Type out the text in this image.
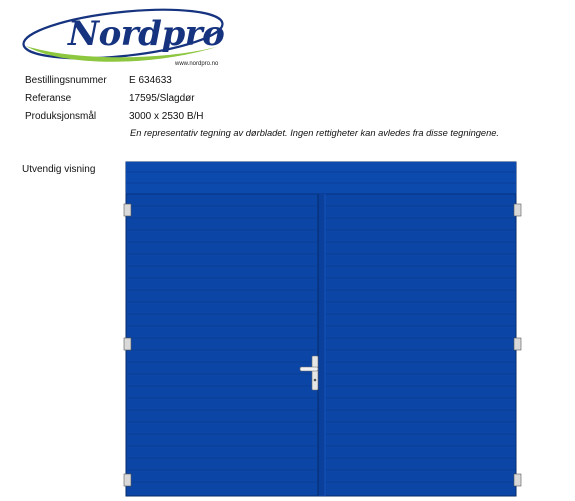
Nordpro
www.nordpro.no
Bestillingsnummer	E 634633
Referanse	17595/Slagdør
Produksjonsmål	3000 x 2530 B/H
En representativ tegning av dørbladet. Ingen rettigheter kan avledes fra disse tegningene.
Utvendig visning
